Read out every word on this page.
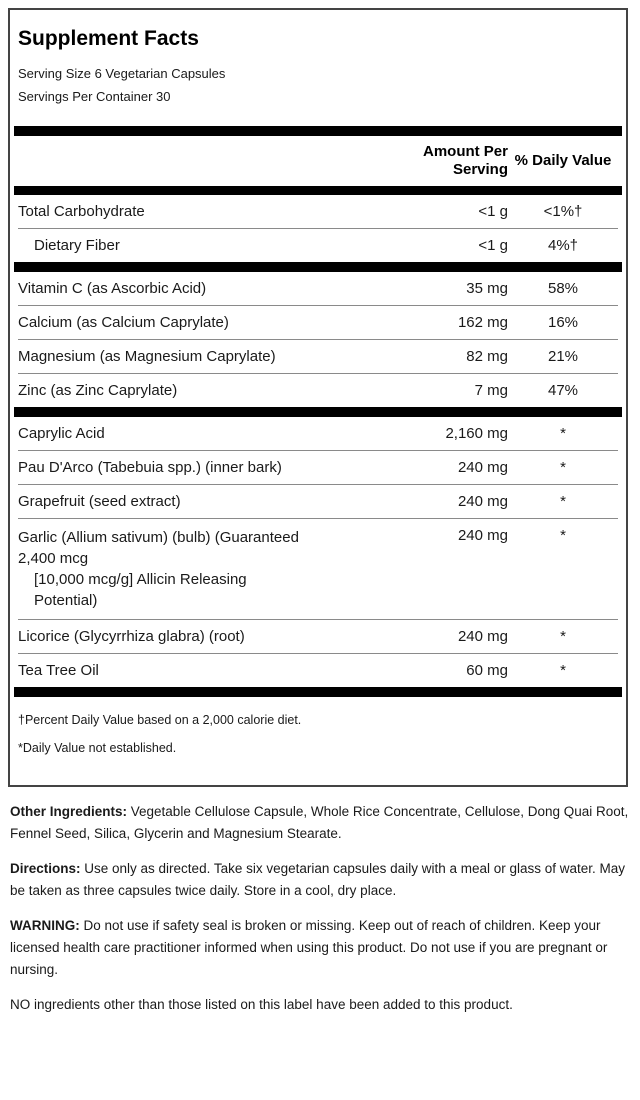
Supplement Facts
Serving Size 6 Vegetarian Capsules
Servings Per Container 30
Amount Per Serving
% Daily Value
Total Carbohydrate	<1 g	<1%†
Dietary Fiber	<1 g	4%†
Vitamin C (as Ascorbic Acid)	35 mg	58%
Calcium (as Calcium Caprylate)	162 mg	16%
Magnesium (as Magnesium Caprylate)	82 mg	21%
Zinc (as Zinc Caprylate)	7 mg	47%
Caprylic Acid	2,160 mg	*
Pau D'Arco (Tabebuia spp.) (inner bark)	240 mg	*
Grapefruit (seed extract)	240 mg	*
Garlic (Allium sativum) (bulb) (Guaranteed
2,400 mcg
[10,000 mcg/g] Allicin Releasing
Potential)
240 mg	*
Licorice (Glycyrrhiza glabra) (root)	240 mg	*
Tea Tree Oil	60 mg	*
†Percent Daily Value based on a 2,000 calorie diet.
*Daily Value not established.

Other Ingredients: Vegetable Cellulose Capsule, Whole Rice Concentrate, Cellulose, Dong Quai Root, Fennel Seed, Silica, Glycerin and Magnesium Stearate.

Directions: Use only as directed. Take six vegetarian capsules daily with a meal or glass of water. May be taken as three capsules twice daily. Store in a cool, dry place.

WARNING: Do not use if safety seal is broken or missing. Keep out of reach of children. Keep your licensed health care practitioner informed when using this product. Do not use if you are pregnant or nursing.

NO ingredients other than those listed on this label have been added to this product.
